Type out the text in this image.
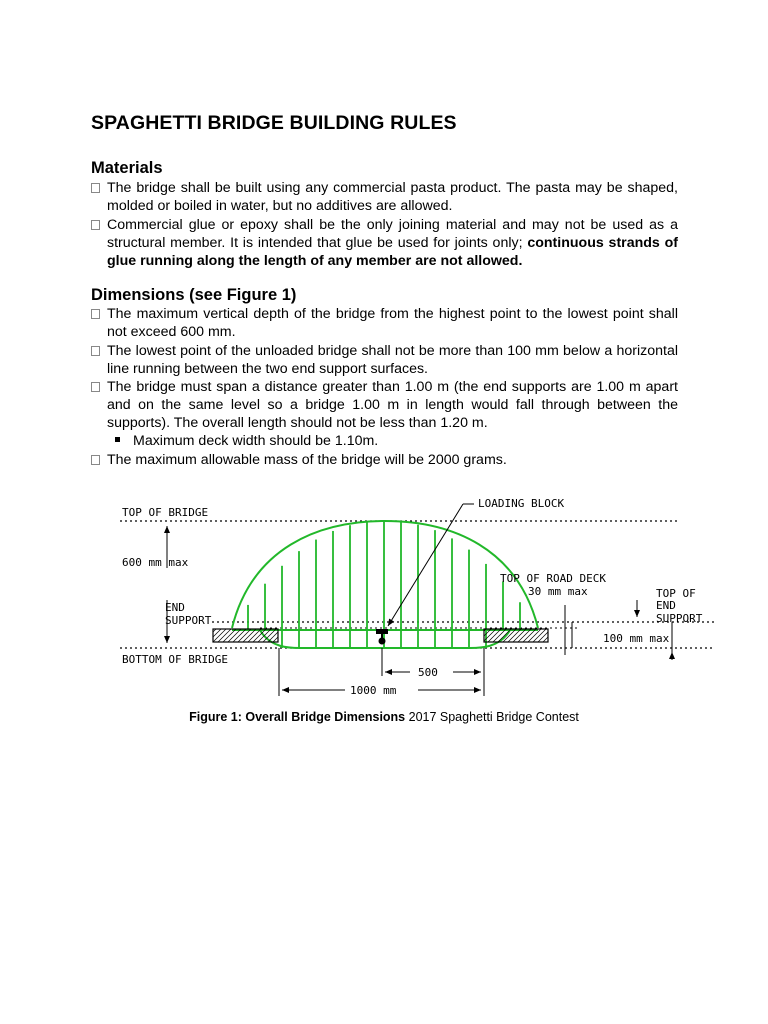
SPAGHETTI BRIDGE BUILDING RULES
Materials
The bridge shall be built using any commercial pasta product. The pasta may be shaped, molded or boiled in water, but no additives are allowed.
Commercial glue or epoxy shall be the only joining material and may not be used as a structural member. It is intended that glue be used for joints only; continuous strands of glue running along the length of any member are not allowed.
Dimensions (see Figure 1)
The maximum vertical depth of the bridge from the highest point to the lowest point shall not exceed 600 mm.
The lowest point of the unloaded bridge shall not be more than 100 mm below a horizontal line running between the two end support surfaces.
The bridge must span a distance greater than 1.00 m (the end supports are 1.00 m apart and on the same level so a bridge 1.00 m in length would fall through between the supports). The overall length should not be less than 1.20 m.
Maximum deck width should be 1.10m.
The maximum allowable mass of the bridge will be 2000 grams.
TOP OF BRIDGE
600 mm max
END
SUPPORT
BOTTOM OF BRIDGE
LOADING BLOCK
TOP OF ROAD DECK
30 mm max	TOP OF
END
SUPPORT
100 mm max
500
1000 mm
Figure 1: Overall Bridge Dimensions 2017 Spaghetti Bridge Contest
